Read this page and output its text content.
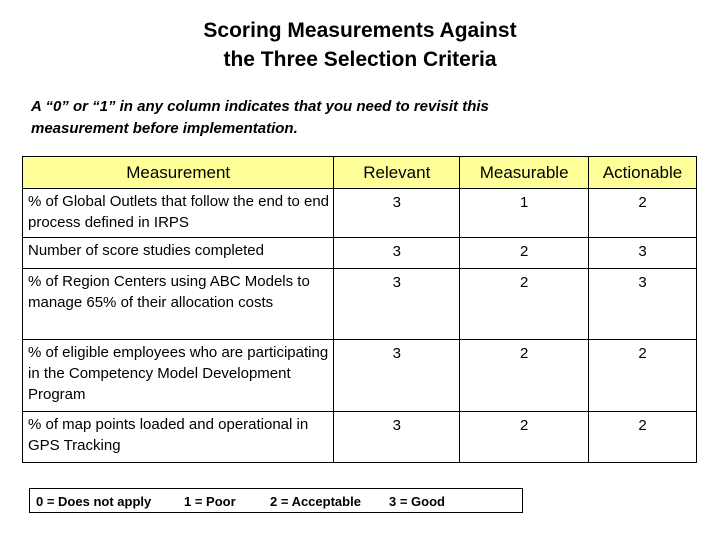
Scoring Measurements Against
the Three Selection Criteria
A “0” or “1” in any column indicates that you need to revisit this
measurement before implementation.
Measurement	Relevant	Measurable	Actionable
% of Global Outlets that follow the end to end process defined in IRPS	3	1	2
Number of score studies completed	3	2	3
% of Region Centers using ABC Models to manage 65% of their allocation costs	3	2	3
% of eligible employees who are participating in the Competency Model Development Program	3	2	2
% of map points loaded and operational in GPS Tracking	3	2	2
0 = Does not apply	1 = Poor	2 = Acceptable 3 = Good
